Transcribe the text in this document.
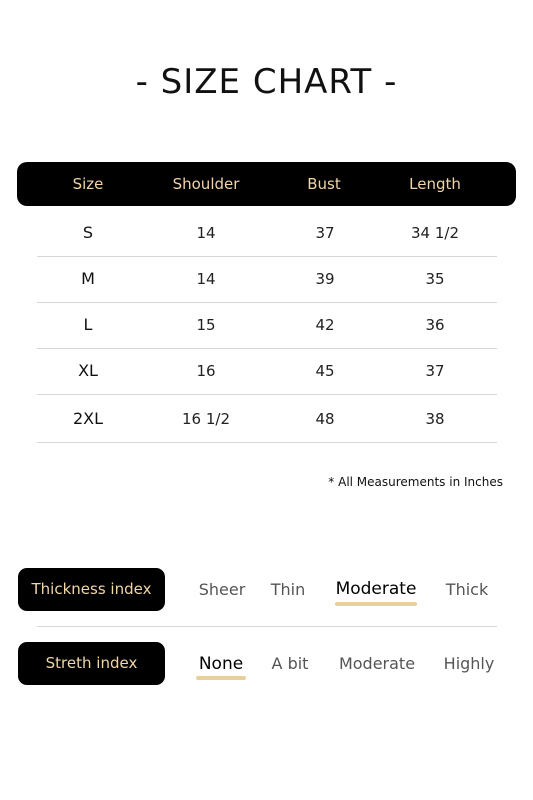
- SIZE CHART -
Size	Shoulder	Bust	Length
S	14	37	34 1/2
M	14	39	35
L	15	42	36
XL	16	45	37
2XL	16 1/2	48	38
* All Measurements in Inches
Thickness index	Sheer Thin Moderate Thick
Streth index	None A bit Moderate Highly
